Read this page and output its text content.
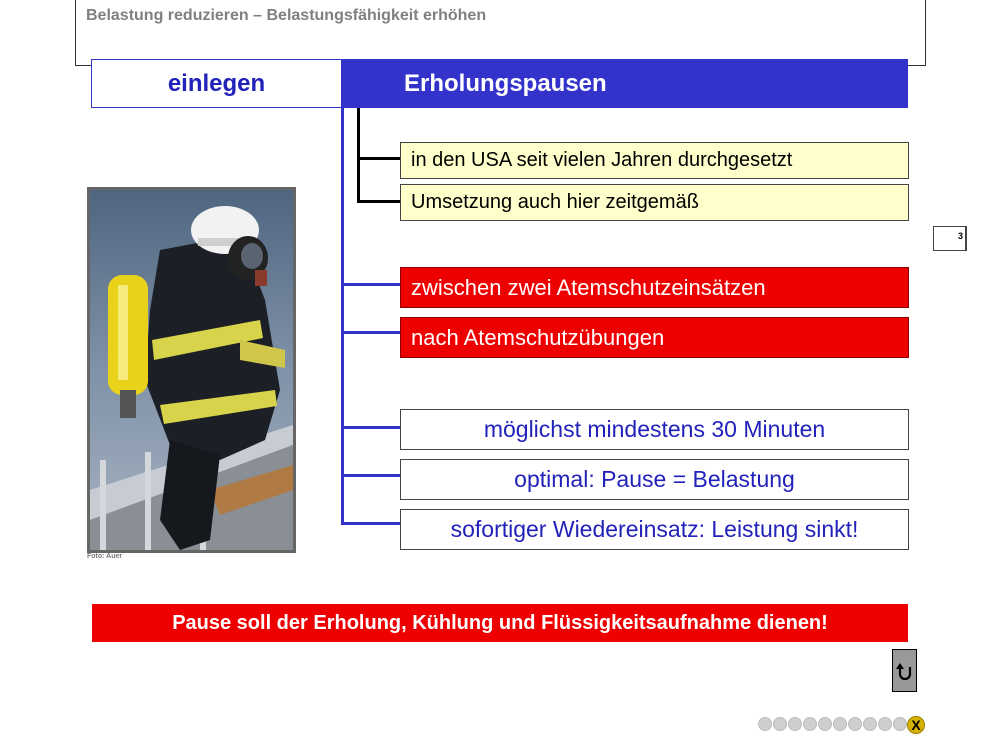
Belastung reduzieren – Belastungsfähigkeit erhöhen
einlegen	Erholungspausen
in den USA seit vielen Jahren durchgesetzt
Umsetzung auch hier zeitgemäß
zwischen zwei Atemschutzeinsätzen
nach Atemschutzübungen
möglichst mindestens 30 Minuten
optimal: Pause = Belastung
sofortiger Wiedereinsatz: Leistung sinkt!
Foto: Auer
3
Pause soll der Erholung, Kühlung und Flüssigkeitsaufnahme dienen!
X
